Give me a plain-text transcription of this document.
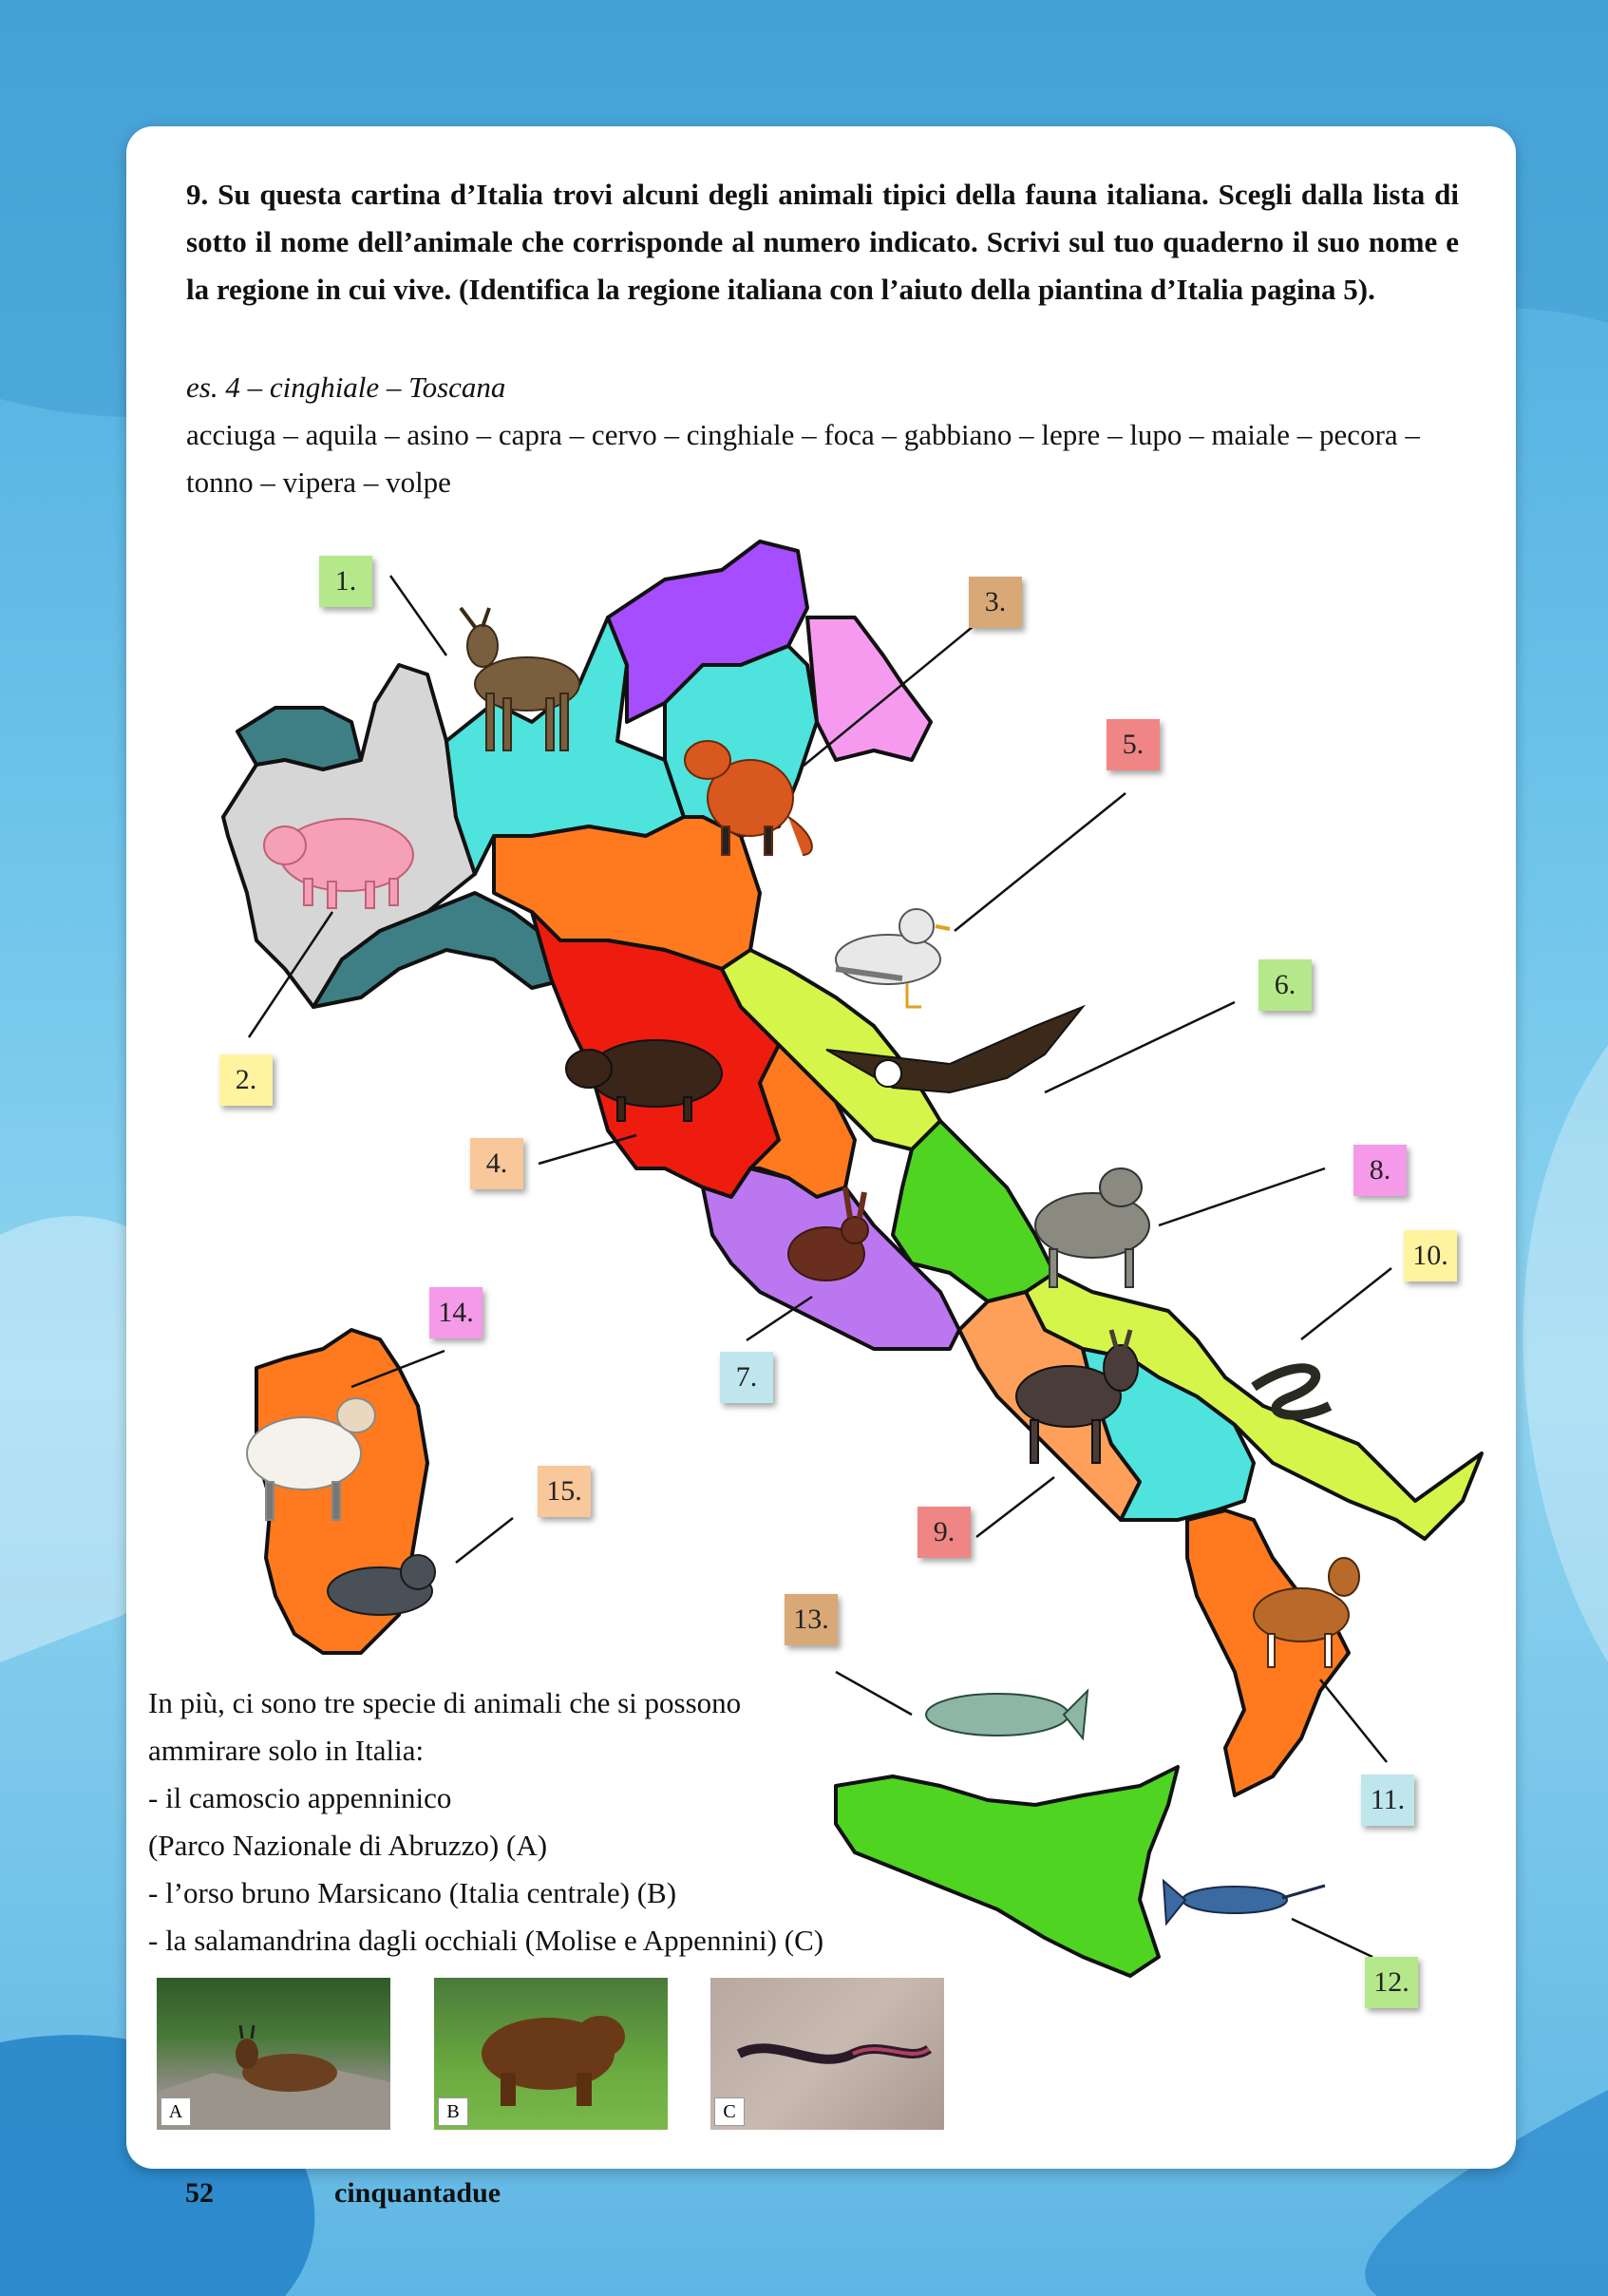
9. Su questa cartina d’Italia trovi alcuni degli animali tipici della fauna italiana. Scegli dalla lista di sotto il nome dell’animale che corrisponde al numero indicato. Scrivi sul tuo quaderno il suo nome e la regione in cui vive. (Identifica la regione italiana con l’aiuto della piantina d’Italia pagina 5).
es. 4 – cinghiale – Toscana
acciuga – aquila – asino – capra – cervo – cinghiale – foca – gabbiano – lepre – lupo – maiale – pecora – tonno – vipera – volpe
1.
2.
3.
4.
5.
6.
7.
8.
9.
10.
11.
12.
13.
14.
15.
In più, ci sono tre specie di animali che si possono
ammirare solo in Italia:
- il camoscio appenninico
(Parco Nazionale di Abruzzo) (A)
- l’orso bruno Marsicano (Italia centrale) (B)
- la salamandrina dagli occhiali (Molise e Appennini) (C)
A	B	C
52	cinquantadue
